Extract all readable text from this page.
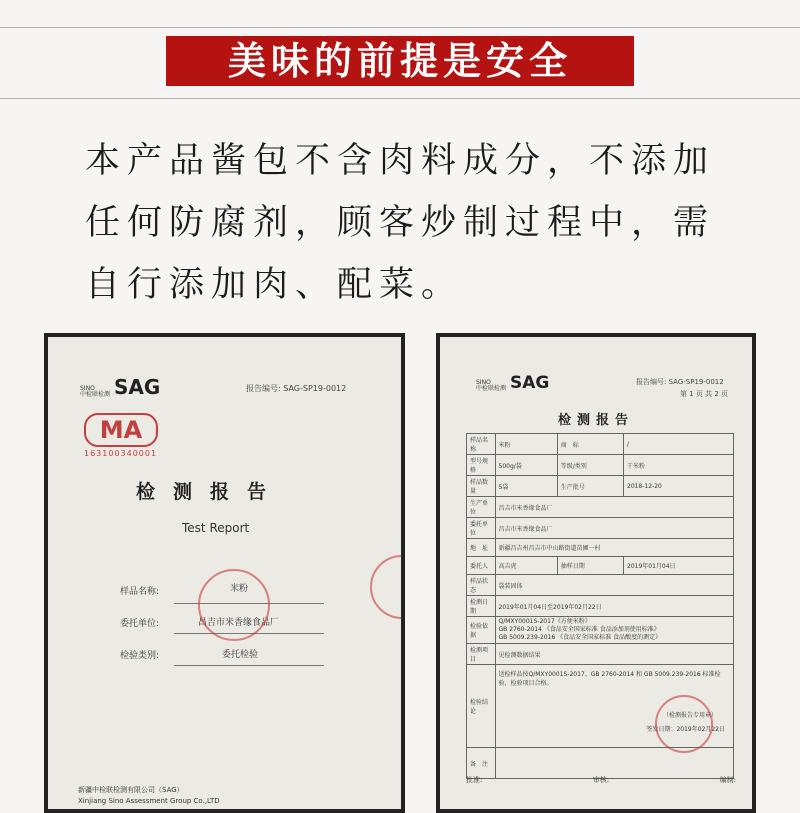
美味的前提是安全
本产品酱包不含肉料成分，不添加
任何防腐剂，顾客炒制过程中，需
自行添加肉、配菜。
SINO
中检联检测 SAG	报告编号: SAG-SP19-0012
MA
163100340001
检测报告
Test Report
样品名称:	米粉
委托单位:	昌吉市米香缘食品厂
检验类别:	委托检验
新疆中检联检测有限公司（SAG）
Xinjiang Sino Assessment Group Co.,LTD
SINO
中检联检测 SAG	报告编号: SAG-SP19-0012
第 1 页 共 2 页
检测报告
样品名称	米粉	商　标	/
型号规格	500g/袋	等级/类别	干米粉
样品数量	5袋	生产批号	2018-12-20
生产单位	昌吉市米香缘食品厂		
委托单位	昌吉市米香缘食品厂		
地　址	新疆昌吉州昌吉市中山路街道苗圃一村		
委托人	高吉虎	抽样日期	2019年01月04日
样品状态	袋装固体		
检测日期	2019年01月04日至2019年02月22日		
检验依据	Q/MXY0001S-2017《方便米粉》
GB 2760-2014 《食品安全国家标准 食品添加剂使用标准》
GB 5009.239-2016 《食品安全国家标准 食品酸度的测定》		

检测项目	见检测数据结果		
检验结论	送检样品按Q/MXY0001S-2017、GB 2760-2014 和 GB 5009.239-2016 标准检验，检验项目合格。
（检测报告专用章）
签发日期：2019年02月22日		

备　注			
批准:	审核:	编制:
